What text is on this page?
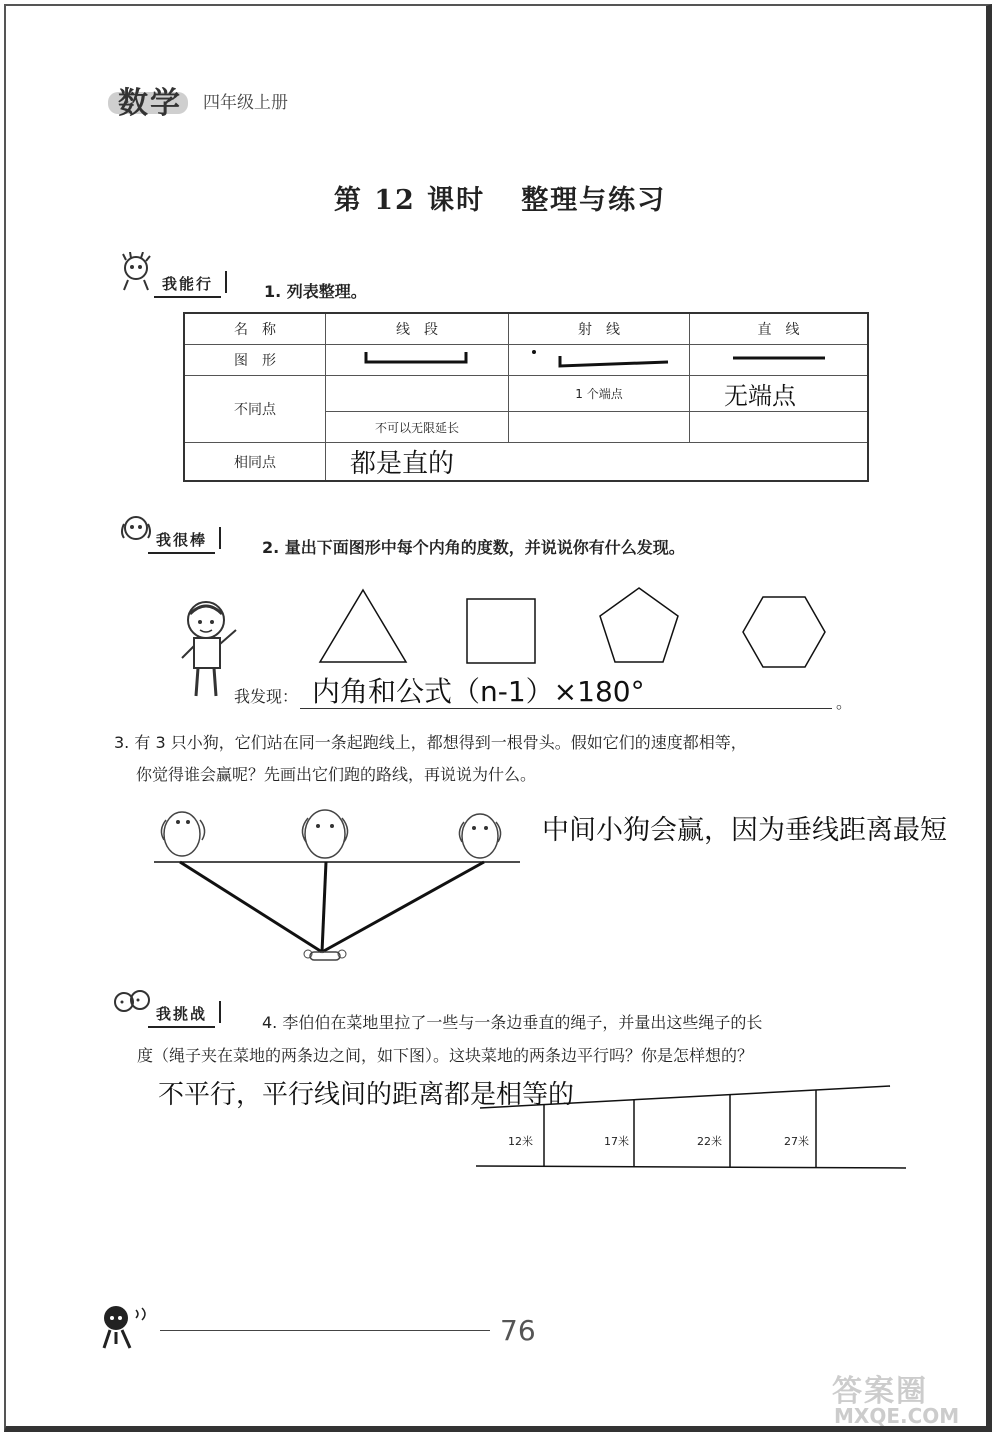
数学 四年级上册
第 12 课时 整理与练习
我能行	1. 列表整理。
名　称	线　段	射　线	直　线
图　形			
不同点		1 个端点	无端点
	不可以无限延长		
相同点	都是直的		
我很棒	2. 量出下面图形中每个内角的度数，并说说你有什么发现。
我发现： 内角和公式（n-1）×180°	。
3. 有 3 只小狗，它们站在同一条起跑线上，都想得到一根骨头。假如它们的速度都相等，
你觉得谁会赢呢？先画出它们跑的路线，再说说为什么。
中间小狗会赢，因为垂线距离最短
我挑战	4. 李伯伯在菜地里拉了一些与一条边垂直的绳子，并量出这些绳子的长
度（绳子夹在菜地的两条边之间，如下图）。这块菜地的两条边平行吗？你是怎样想的？
不平行，平行线间的距离都是相等的
12米	17米	22米	27米
76
答案圈
MXQE.COM
